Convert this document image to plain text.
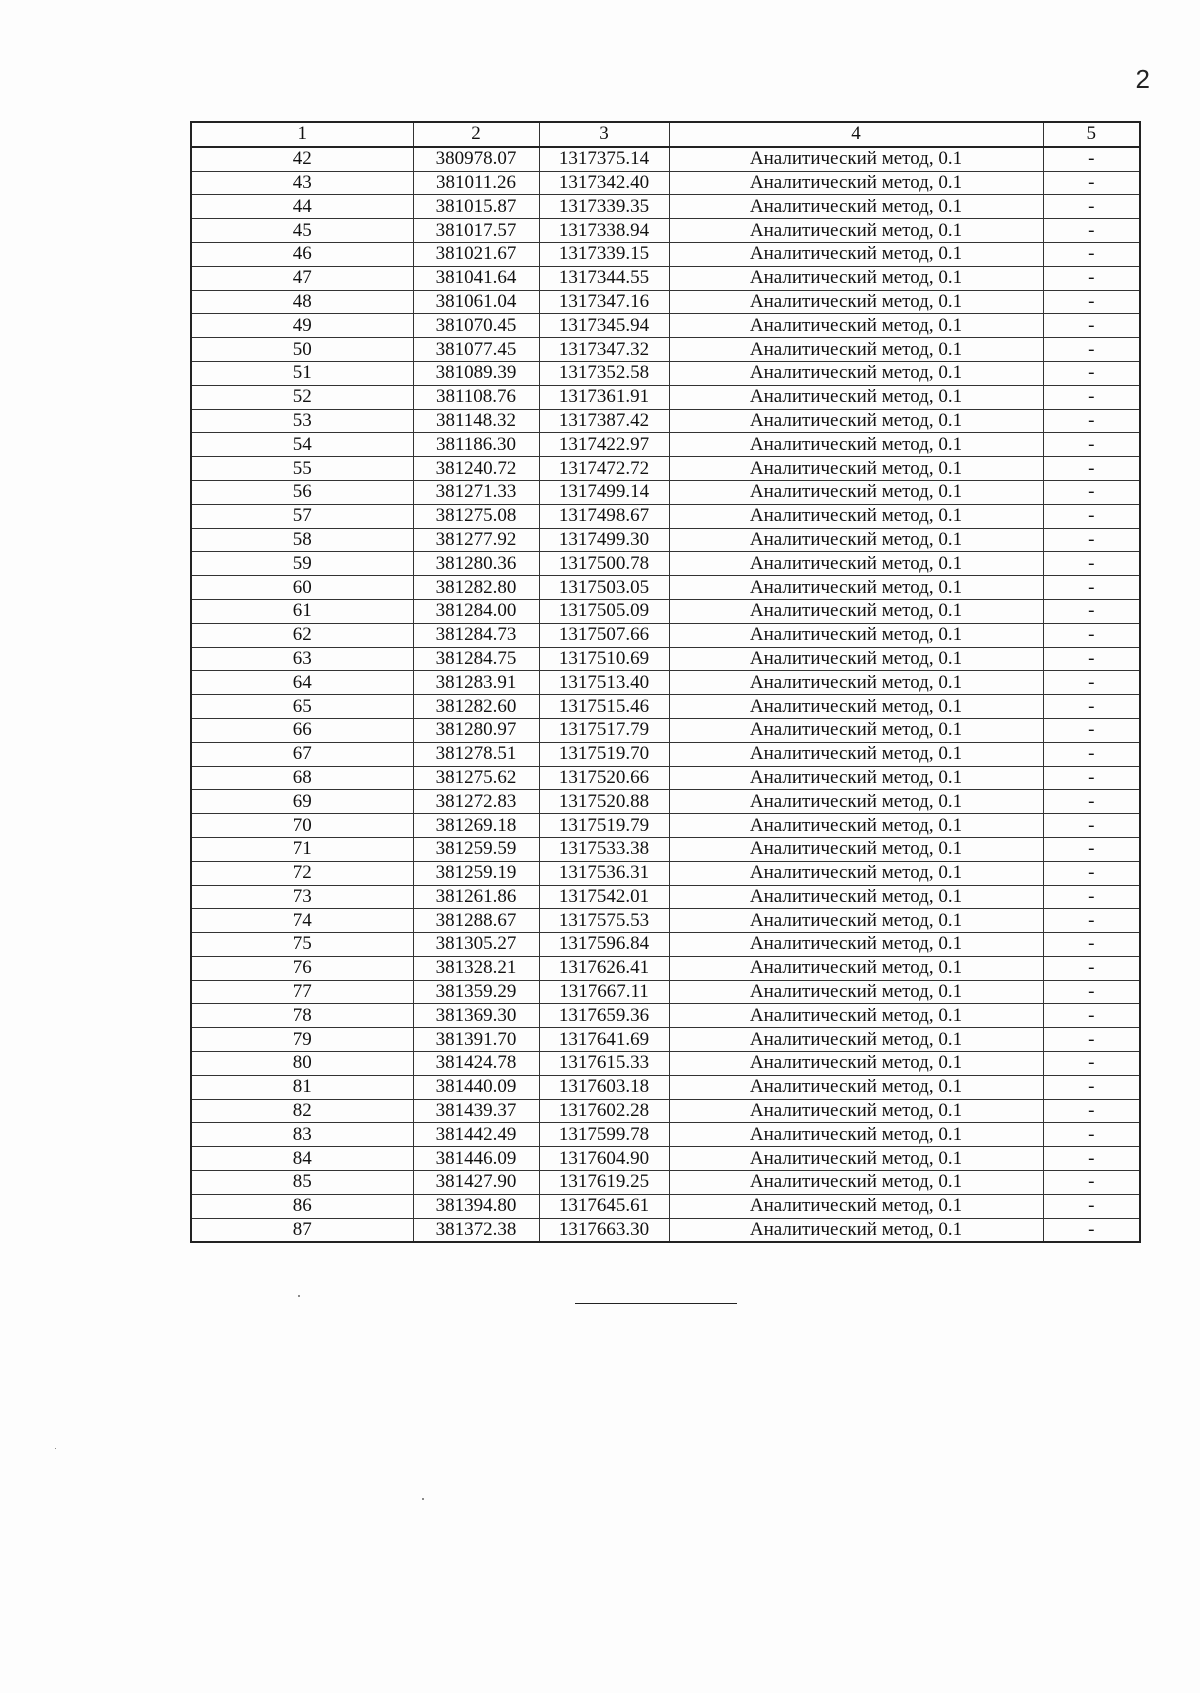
2
1	2	3	4	5
42	380978.07	1317375.14	Аналитический метод, 0.1	-
43	381011.26	1317342.40	Аналитический метод, 0.1	-
44	381015.87	1317339.35	Аналитический метод, 0.1	-
45	381017.57	1317338.94	Аналитический метод, 0.1	-
46	381021.67	1317339.15	Аналитический метод, 0.1	-
47	381041.64	1317344.55	Аналитический метод, 0.1	-
48	381061.04	1317347.16	Аналитический метод, 0.1	-
49	381070.45	1317345.94	Аналитический метод, 0.1	-
50	381077.45	1317347.32	Аналитический метод, 0.1	-
51	381089.39	1317352.58	Аналитический метод, 0.1	-
52	381108.76	1317361.91	Аналитический метод, 0.1	-
53	381148.32	1317387.42	Аналитический метод, 0.1	-
54	381186.30	1317422.97	Аналитический метод, 0.1	-
55	381240.72	1317472.72	Аналитический метод, 0.1	-
56	381271.33	1317499.14	Аналитический метод, 0.1	-
57	381275.08	1317498.67	Аналитический метод, 0.1	-
58	381277.92	1317499.30	Аналитический метод, 0.1	-
59	381280.36	1317500.78	Аналитический метод, 0.1	-
60	381282.80	1317503.05	Аналитический метод, 0.1	-
61	381284.00	1317505.09	Аналитический метод, 0.1	-
62	381284.73	1317507.66	Аналитический метод, 0.1	-
63	381284.75	1317510.69	Аналитический метод, 0.1	-
64	381283.91	1317513.40	Аналитический метод, 0.1	-
65	381282.60	1317515.46	Аналитический метод, 0.1	-
66	381280.97	1317517.79	Аналитический метод, 0.1	-
67	381278.51	1317519.70	Аналитический метод, 0.1	-
68	381275.62	1317520.66	Аналитический метод, 0.1	-
69	381272.83	1317520.88	Аналитический метод, 0.1	-
70	381269.18	1317519.79	Аналитический метод, 0.1	-
71	381259.59	1317533.38	Аналитический метод, 0.1	-
72	381259.19	1317536.31	Аналитический метод, 0.1	-
73	381261.86	1317542.01	Аналитический метод, 0.1	-
74	381288.67	1317575.53	Аналитический метод, 0.1	-
75	381305.27	1317596.84	Аналитический метод, 0.1	-
76	381328.21	1317626.41	Аналитический метод, 0.1	-
77	381359.29	1317667.11	Аналитический метод, 0.1	-
78	381369.30	1317659.36	Аналитический метод, 0.1	-
79	381391.70	1317641.69	Аналитический метод, 0.1	-
80	381424.78	1317615.33	Аналитический метод, 0.1	-
81	381440.09	1317603.18	Аналитический метод, 0.1	-
82	381439.37	1317602.28	Аналитический метод, 0.1	-
83	381442.49	1317599.78	Аналитический метод, 0.1	-
84	381446.09	1317604.90	Аналитический метод, 0.1	-
85	381427.90	1317619.25	Аналитический метод, 0.1	-
86	381394.80	1317645.61	Аналитический метод, 0.1	-
87	381372.38	1317663.30	Аналитический метод, 0.1	-
